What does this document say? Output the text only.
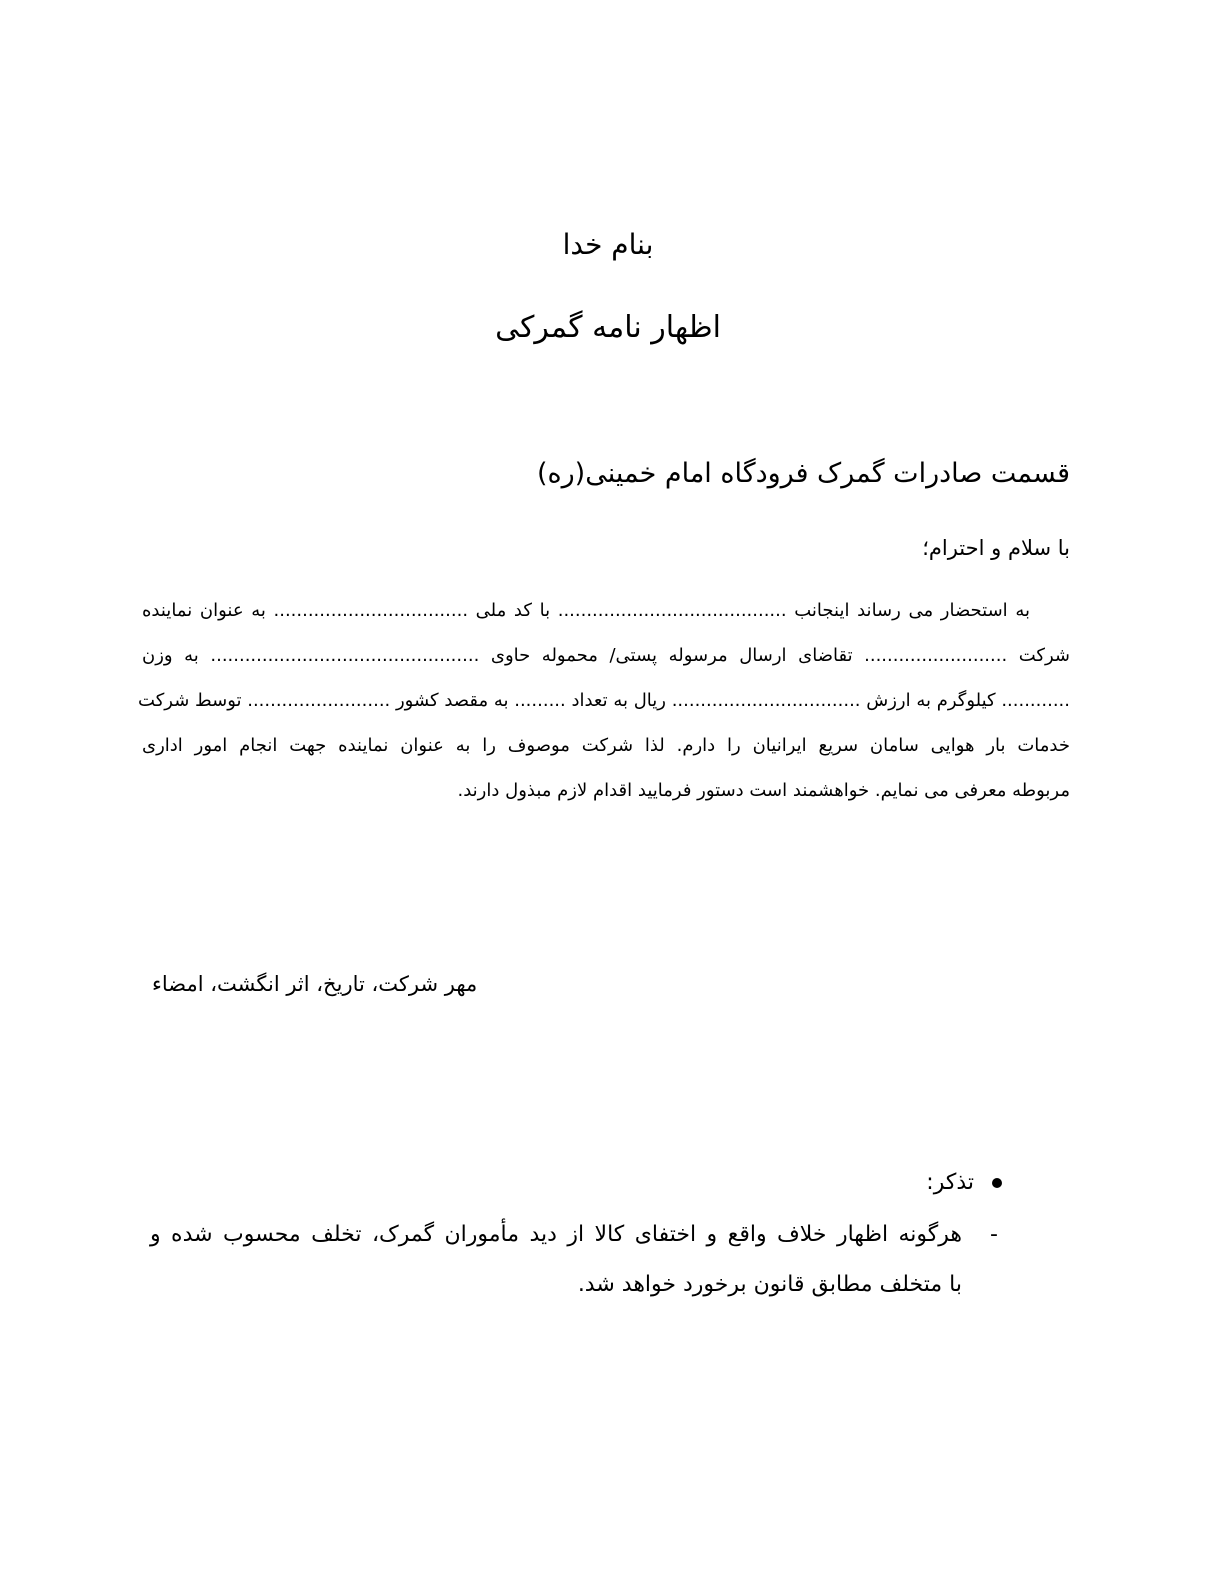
بنام خدا
اظهار نامه گمرکی
قسمت صادرات گمرک فرودگاه امام خمینی(ره)
با سلام و احترام؛
به استحضار می رساند اینجانب ........................................ با کد ملی .................................. به عنوان نماینده
شرکت ......................... تقاضای ارسال مرسوله پستی/ محموله حاوی ............................................... به وزن
............ کیلوگرم به ارزش ................................. ریال به تعداد ......... به مقصد کشور ......................... توسط شرکت
خدمات بار هوایی سامان سریع ایرانیان را دارم. لذا شرکت موصوف را به عنوان نماینده جهت انجام امور اداری
مربوطه معرفی می نمایم. خواهشمند است دستور فرمایید اقدام لازم مبذول دارند.
مهر شرکت، تاریخ، اثر انگشت، امضاء
تذکر:
-
هرگونه اظهار خلاف واقع و اختفای کالا از دید مأموران گمرک، تخلف محسوب شده و
با متخلف مطابق قانون برخورد خواهد شد.
